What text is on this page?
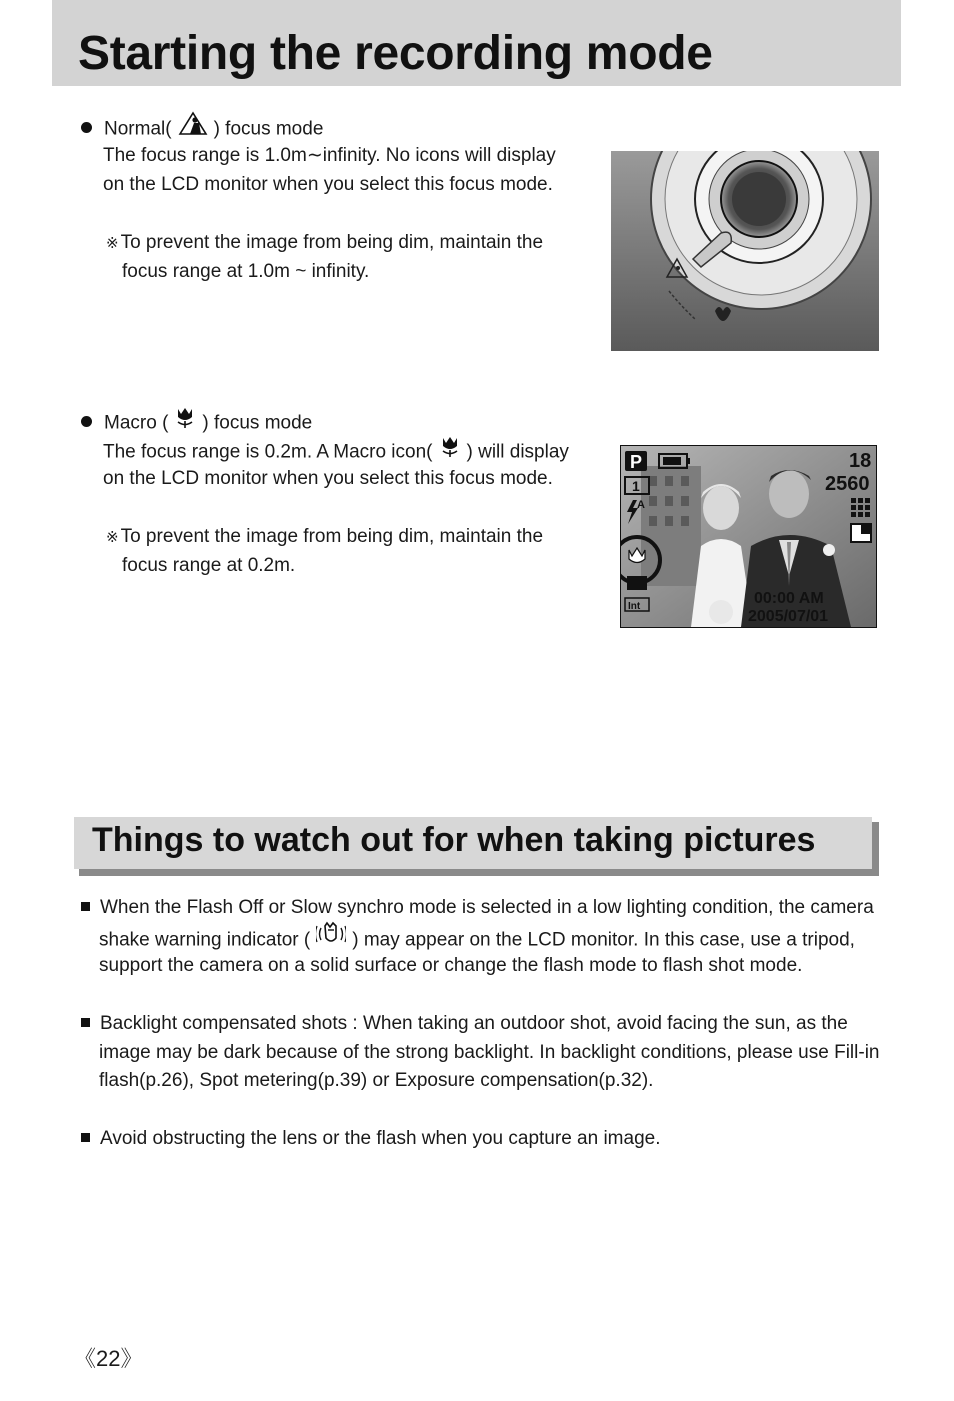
Starting the recording mode
Normal( ) focus mode
The focus range is 1.0m∼infinity. No icons will display
on the LCD monitor when you select this focus mode.
※ To prevent the image from being dim, maintain the
focus range at 1.0m ~ infinity.
Macro ( ) focus mode
The focus range is 0.2m. A Macro icon( ) will display
on the LCD monitor when you select this focus mode.
※ To prevent the image from being dim, maintain the
focus range at 0.2m.
P
1
A
Int
18
2560
00:00 AM
2005/07/01
Things to watch out for when taking pictures
When the Flash Off or Slow synchro mode is selected in a low lighting condition, the camera
shake warning indicator ( ) may appear on the LCD monitor. In this case, use a tripod,
support the camera on a solid surface or change the flash mode to flash shot mode.
Backlight compensated shots : When taking an outdoor shot, avoid facing the sun, as the
image may be dark because of the strong backlight. In backlight conditions, please use Fill-in
flash(p.26), Spot metering(p.39) or Exposure compensation(p.32).
Avoid obstructing the lens or the flash when you capture an image.
《22》
